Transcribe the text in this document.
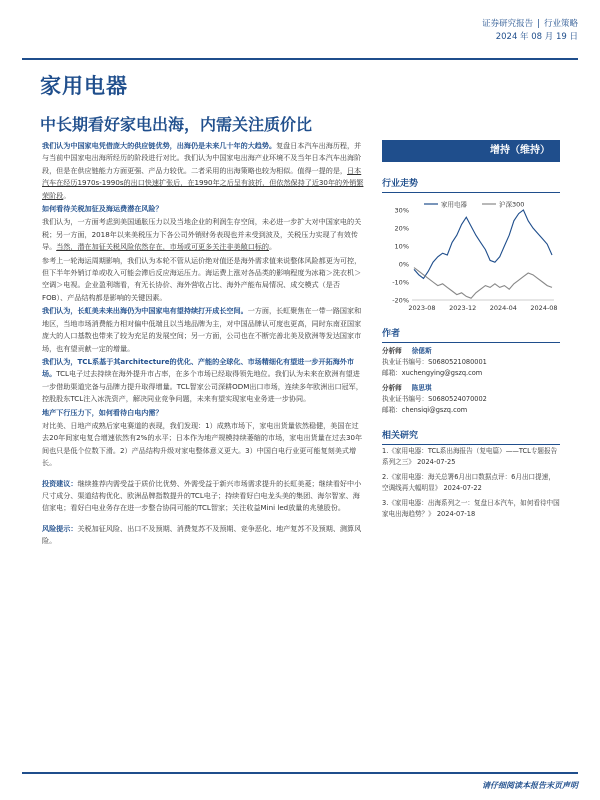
证券研究报告 | 行业策略
2024 年 08 月 19 日
家用电器
中长期看好家电出海，内需关注质价比

我们认为中国家电凭借庞大的供应链优势，出海仍是未来几十年的大趋势。复盘日本汽车出海历程，并与当前中国家电出海所经历的阶段进行对比。我们认为中国家电出海产业环境不及当年日本汽车出海阶段，但是在供应链能力方面更强、产品力较优。二者采用的出海策略也较为相似。值得一提的是，日本汽车在经历1970s-1990s的出口快速扩张后，在1990年之后呈有波折，但依然保持了近30年的外销繁荣阶段。

如何看待关税加征及海运费潜在风险？

我们认为，一方面考虑到美国通胀压力以及当地企业的利润生存空间，未必进一步扩大对中国家电的关税；另一方面，2018年以来美税压力下各公司外销财务表现也并未受到波及，关税压力实现了有效传导。当然，潜在加征关税风险依然存在，市场或可更多关注非美敞口标的。

参考上一轮海运周期影响，我们认为本轮不管从运价绝对值还是海外需求值来说整体风险都更为可控，但下半年外销订单或收入可能会滞后反应海运压力。海运费上涨对各品类的影响程度为冰箱＞洗衣机＞空调＞电视。企业盈利端看，有无长协价、海外营收占比、海外产能布局情况、成交模式（是否FOB）、产品结构都是影响的关键因素。

我们认为，长虹美未来出海仍为中国家电有望持续打开成长空间。一方面，长虹聚焦在一带一路国家和地区，当地市场消费能力相对偏中低端且以当地品牌为主，对中国品牌认可度也更高，同时东南亚国家庞大的人口基数也带来了较为充足的发展空间；另一方面，公司也在不断完善北美及欧洲等发达国家市场，也有望贡献一定的增量。

我们认为，TCL系基于其architecture的优化、产能的全球化、市场精细化有望进一步开拓海外市场。TCL电子过去持续在海外提升市占率，在多个市场已经取得领先地位。我们认为未来在欧洲有望进一步借助渠道完备与品牌力提升取得增量。TCL智家公司深耕ODM出口市场，连续多年欧洲出口冠军，控股股东TCL注入冰洗资产，解决同业竞争问题，未来有望实现家电业务进一步协同。

地产下行压力下，如何看待白电内需？

对比美、日地产成熟后家电赛道的表现，我们发现：1）成熟市场下，家电出货量依然稳健，美国在过去20年间家电复合增速依然有2%的水平；日本作为地产规模持续萎缩的市场，家电出货量在过去30年间也只是低个位数下滑。2）产品结构升级对家电整体意义更大。3）中国白电行业更可能复刻美式增长。

投资建议：继续推荐内需受益于质价比优势、外需受益于新兴市场需求提升的长虹美菱；继续看好中小尺寸成分、渠道结构优化、欧洲品牌指数提升的TCL电子；持续看好白电龙头美的集团、海尔智家、海信家电；看好白电业务存在进一步整合协同可能的TCL智家；关注收益Mini led放量的兆驰股份。

风险提示：关税加征风险、出口不及预期、消费复苏不及预期、竞争恶化、地产复苏不及预期、测算风险。

增持（维持）
行业走势
30%
20%
10%
0%
-10%
-20%
2023-08 2023-12 2024-04 2024-08
家用电器	沪深300
作者
分析师 徐偲斯
执业证书编号：S0680521080001
邮箱：xuchengying@gszq.com
分析师 陈思琪
执业证书编号：S0680524070002
邮箱：chensiqi@gszq.com
相关研究
1.《家用电器：TCL系出海报告（复电篇）——TCL专题报告系列之三》 2024-07-25
2.《家用电器：海关总署6月出口数据点评：6月出口提速，空调线再大幅明显》 2024-07-22
3.《家用电器：出海系列之一：复盘日本汽车，如何看待中国家电出海趋势？》 2024-07-18
请仔细阅读本报告末页声明
